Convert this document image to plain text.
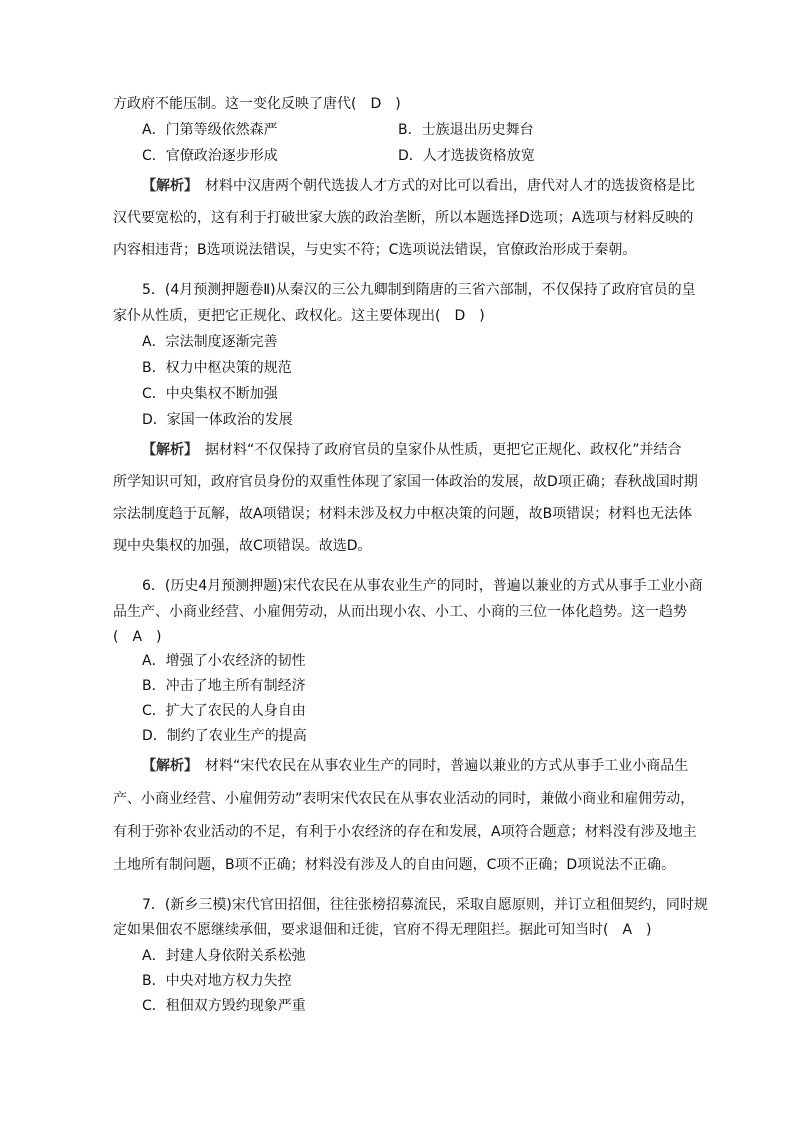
方政府不能压制。这一变化反映了唐代(　D　)
A．门第等级依然森严	B．士族退出历史舞台
C．官僚政治逐步形成	D．人才选拔资格放宽
【解析】　材料中汉唐两个朝代选拔人才方式的对比可以看出，唐代对人才的选拔资格是比
汉代要宽松的，这有利于打破世家大族的政治垄断，所以本题选择D选项；A选项与材料反映的
内容相违背；B选项说法错误，与史实不符；C选项说法错误，官僚政治形成于秦朝。
5．(4月预测押题卷Ⅱ)从秦汉的三公九卿制到隋唐的三省六部制，不仅保持了政府官员的皇
家仆从性质，更把它正规化、政权化。这主要体现出(　D　)
A．宗法制度逐渐完善
B．权力中枢决策的规范
C．中央集权不断加强
D．家国一体政治的发展
【解析】　据材料“不仅保持了政府官员的皇家仆从性质，更把它正规化、政权化”并结合
所学知识可知，政府官员身份的双重性体现了家国一体政治的发展，故D项正确；春秋战国时期
宗法制度趋于瓦解，故A项错误；材料未涉及权力中枢决策的问题，故B项错误；材料也无法体
现中央集权的加强，故C项错误。故选D。
6．(历史4月预测押题)宋代农民在从事农业生产的同时，普遍以兼业的方式从事手工业小商
品生产、小商业经营、小雇佣劳动，从而出现小农、小工、小商的三位一体化趋势。这一趋势
(　A　)
A．增强了小农经济的韧性
B．冲击了地主所有制经济
C．扩大了农民的人身自由
D．制约了农业生产的提高
【解析】　材料“宋代农民在从事农业生产的同时，普遍以兼业的方式从事手工业小商品生
产、小商业经营、小雇佣劳动”表明宋代农民在从事农业活动的同时，兼做小商业和雇佣劳动，
有利于弥补农业活动的不足，有利于小农经济的存在和发展，A项符合题意；材料没有涉及地主
土地所有制问题，B项不正确；材料没有涉及人的自由问题，C项不正确；D项说法不正确。
7．(新乡三模)宋代官田招佃，往往张榜招募流民，采取自愿原则，并订立租佃契约，同时规
定如果佃农不愿继续承佃，要求退佃和迁徙，官府不得无理阻拦。据此可知当时(　A　)
A．封建人身依附关系松弛
B．中央对地方权力失控
C．租佃双方毁约现象严重
